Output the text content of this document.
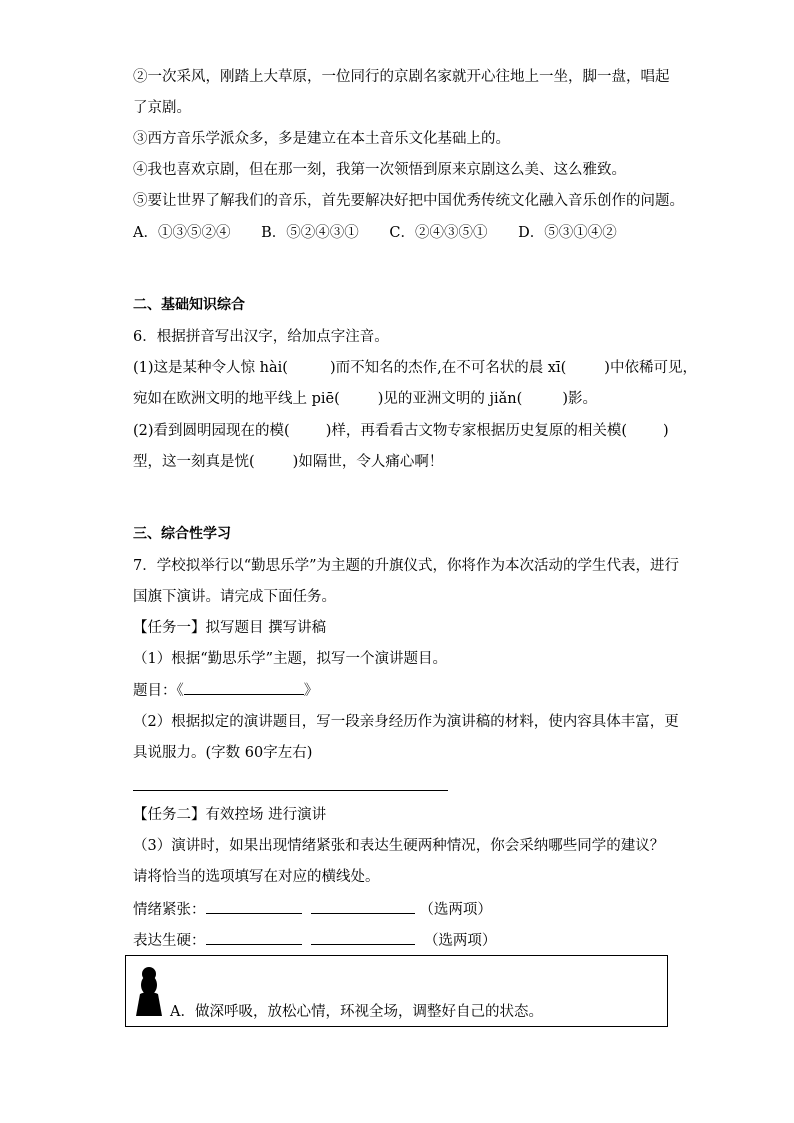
②一次采风，刚踏上大草原，一位同行的京剧名家就开心往地上一坐，脚一盘，唱起
了京剧。
③西方音乐学派众多，多是建立在本土音乐文化基础上的。
④我也喜欢京剧，但在那一刻，我第一次领悟到原来京剧这么美、这么雅致。
⑤要让世界了解我们的音乐，首先要解决好把中国优秀传统文化融入音乐创作的问题。
A．①③⑤②④ B．⑤②④③① C．②④③⑤① D．⑤③①④②
二、基础知识综合
6．根据拼音写出汉字，给加点字注音。
(1)这是某种令人惊 hài(	)而不知名的杰作,在不可名状的晨 xī(	)中依稀可见，
宛如在欧洲文明的地平线上 piē(	)见的亚洲文明的 jiǎn(	)影。
(2)看到圆明园现在的模( )样，再看看古文物专家根据历史复原的相关模( )
型，这一刻真是恍(	)如隔世，令人痛心啊！
三、综合性学习
7．学校拟举行以“勤思乐学”为主题的升旗仪式，你将作为本次活动的学生代表，进行
国旗下演讲。请完成下面任务。
【任务一】拟写题目 撰写讲稿
（1）根据“勤思乐学”主题，拟写一个演讲题目。
题目：《	》
（2）根据拟定的演讲题目，写一段亲身经历作为演讲稿的材料，使内容具体丰富，更
具说服力。(字数 60字左右)
【任务二】有效控场 进行演讲
（3）演讲时，如果出现情绪紧张和表达生硬两种情况，你会采纳哪些同学的建议？
请将恰当的选项填写在对应的横线处。
情绪紧张：	（选两项）
表达生硬：	（选两项）
A．做深呼吸，放松心情，环视全场，调整好自己的状态。
